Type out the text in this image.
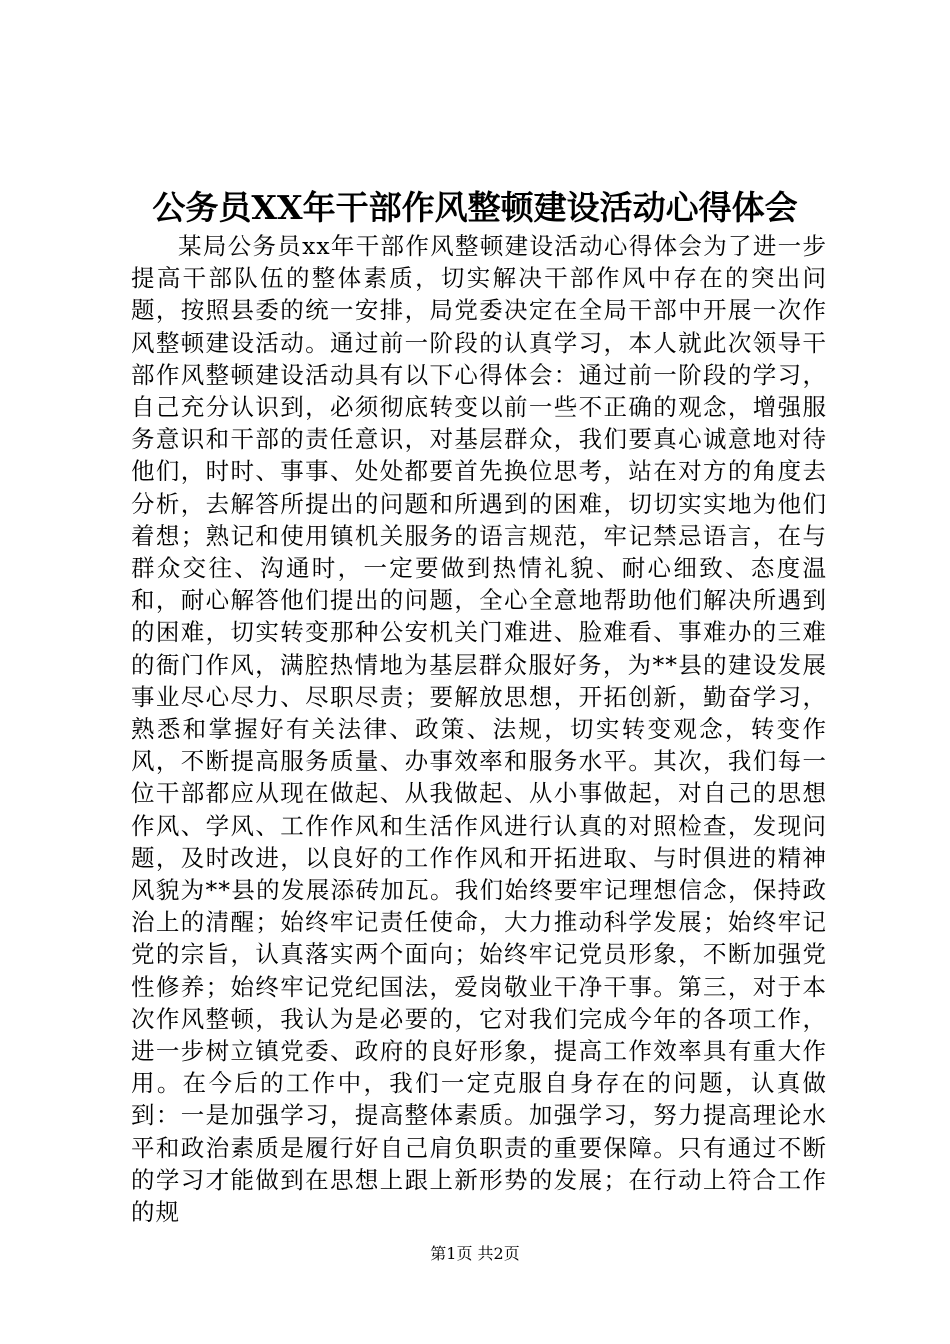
公务员XX年干部作风整顿建设活动心得体会

某局公务员xx年干部作风整顿建设活动心得体会为了进一步提高干部队伍的整体素质，切实解决干部作风中存在的突出问题，按照县委的统一安排，局党委决定在全局干部中开展一次作风整顿建设活动。通过前一阶段的认真学习，本人就此次领导干部作风整顿建设活动具有以下心得体会：通过前一阶段的学习，自己充分认识到，必须彻底转变以前一些不正确的观念，增强服务意识和干部的责任意识，对基层群众，我们要真心诚意地对待他们，时时、事事、处处都要首先换位思考，站在对方的角度去分析，去解答所提出的问题和所遇到的困难，切切实实地为他们着想；熟记和使用镇机关服务的语言规范，牢记禁忌语言，在与群众交往、沟通时，一定要做到热情礼貌、耐心细致、态度温和，耐心解答他们提出的问题，全心全意地帮助他们解决所遇到的困难，切实转变那种公安机关门难进、脸难看、事难办的三难的衙门作风，满腔热情地为基层群众服好务，为**县的建设发展事业尽心尽力、尽职尽责；要解放思想，开拓创新，勤奋学习，熟悉和掌握好有关法律、政策、法规，切实转变观念，转变作风，不断提高服务质量、办事效率和服务水平。其次，我们每一位干部都应从现在做起、从我做起、从小事做起，对自己的思想作风、学风、工作作风和生活作风进行认真的对照检查，发现问题，及时改进，以良好的工作作风和开拓进取、与时俱进的精神风貌为**县的发展添砖加瓦。我们始终要牢记理想信念，保持政治上的清醒；始终牢记责任使命，大力推动科学发展；始终牢记党的宗旨，认真落实两个面向；始终牢记党员形象，不断加强党性修养；始终牢记党纪国法，爱岗敬业干净干事。第三，对于本次作风整顿，我认为是必要的，它对我们完成今年的各项工作，进一步树立镇党委、政府的良好形象，提高工作效率具有重大作用。在今后的工作中，我们一定克服自身存在的问题，认真做到：一是加强学习，提高整体素质。加强学习，努力提高理论水平和政治素质是履行好自己肩负职责的重要保障。只有通过不断的学习才能做到在思想上跟上新形势的发展；在行动上符合工作的规

第1页 共2页
